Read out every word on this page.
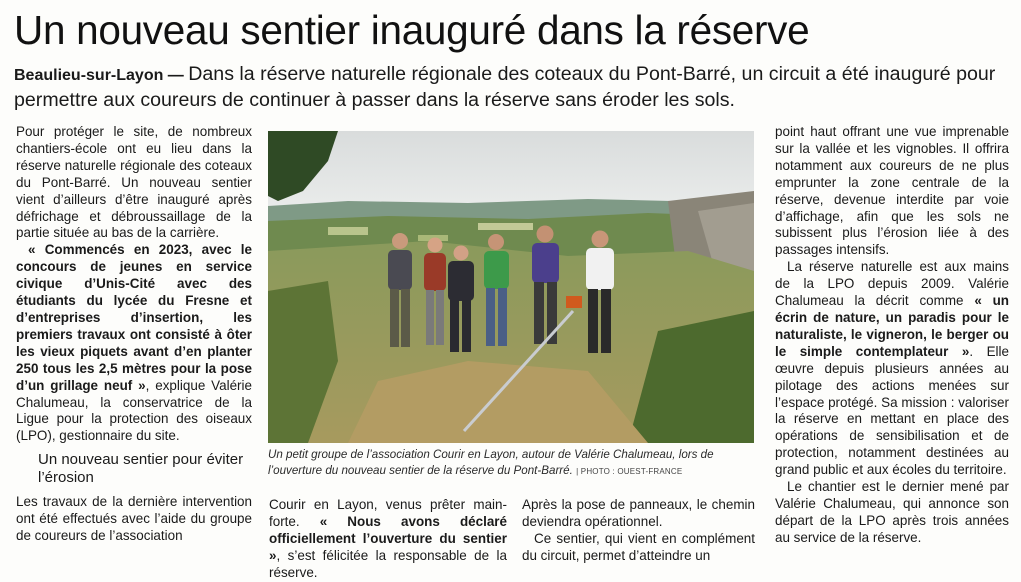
Un nouveau sentier inauguré dans la réserve

Beaulieu-sur-Layon — Dans la réserve naturelle régionale des coteaux du Pont-Barré, un circuit a été inauguré pour permettre aux coureurs de continuer à passer dans la réserve sans éroder les sols.

Pour protéger le site, de nombreux chantiers-école ont eu lieu dans la réserve naturelle régionale des coteaux du Pont-Barré. Un nouveau sentier vient d’ailleurs d’être inauguré après défrichage et débroussaillage de la partie située au bas de la carrière.

« Commencés en 2023, avec le concours de jeunes en service civique d’Unis-Cité avec des étudiants du lycée du Fresne et d’entreprises d’insertion, les premiers travaux ont consisté à ôter les vieux piquets avant d’en planter 250 tous les 2,5 mètres pour la pose d’un grillage neuf », explique Valérie Chalumeau, la conservatrice de la Ligue pour la protection des oiseaux (LPO), gestionnaire du site.

Un nouveau sentier pour éviter l’érosion

Les travaux de la dernière intervention ont été effectués avec l’aide du groupe de coureurs de l’association

Un petit groupe de l’association Courir en Layon, autour de Valérie Chalumeau, lors de l’ouverture du nouveau sentier de la réserve du Pont-Barré. | PHOTO : OUEST-FRANCE

Courir en Layon, venus prêter main-forte. « Nous avons déclaré officiellement l’ouverture du sentier », s’est félicitée la responsable de la réserve.

Après la pose de panneaux, le chemin deviendra opérationnel.

Ce sentier, qui vient en complément du circuit, permet d’atteindre un

point haut offrant une vue imprenable sur la vallée et les vignobles. Il offrira notamment aux coureurs de ne plus emprunter la zone centrale de la réserve, devenue interdite par voie d’affichage, afin que les sols ne subissent plus l’érosion liée à des passages intensifs.

La réserve naturelle est aux mains de la LPO depuis 2009. Valérie Chalumeau la décrit comme « un écrin de nature, un paradis pour le naturaliste, le vigneron, le berger ou le simple contemplateur ». Elle œuvre depuis plusieurs années au pilotage des actions menées sur l’espace protégé. Sa mission : valoriser la réserve en mettant en place des opérations de sensibilisation et de protection, notamment destinées au grand public et aux écoles du territoire.

Le chantier est le dernier mené par Valérie Chalumeau, qui annonce son départ de la LPO après trois années au service de la réserve.
